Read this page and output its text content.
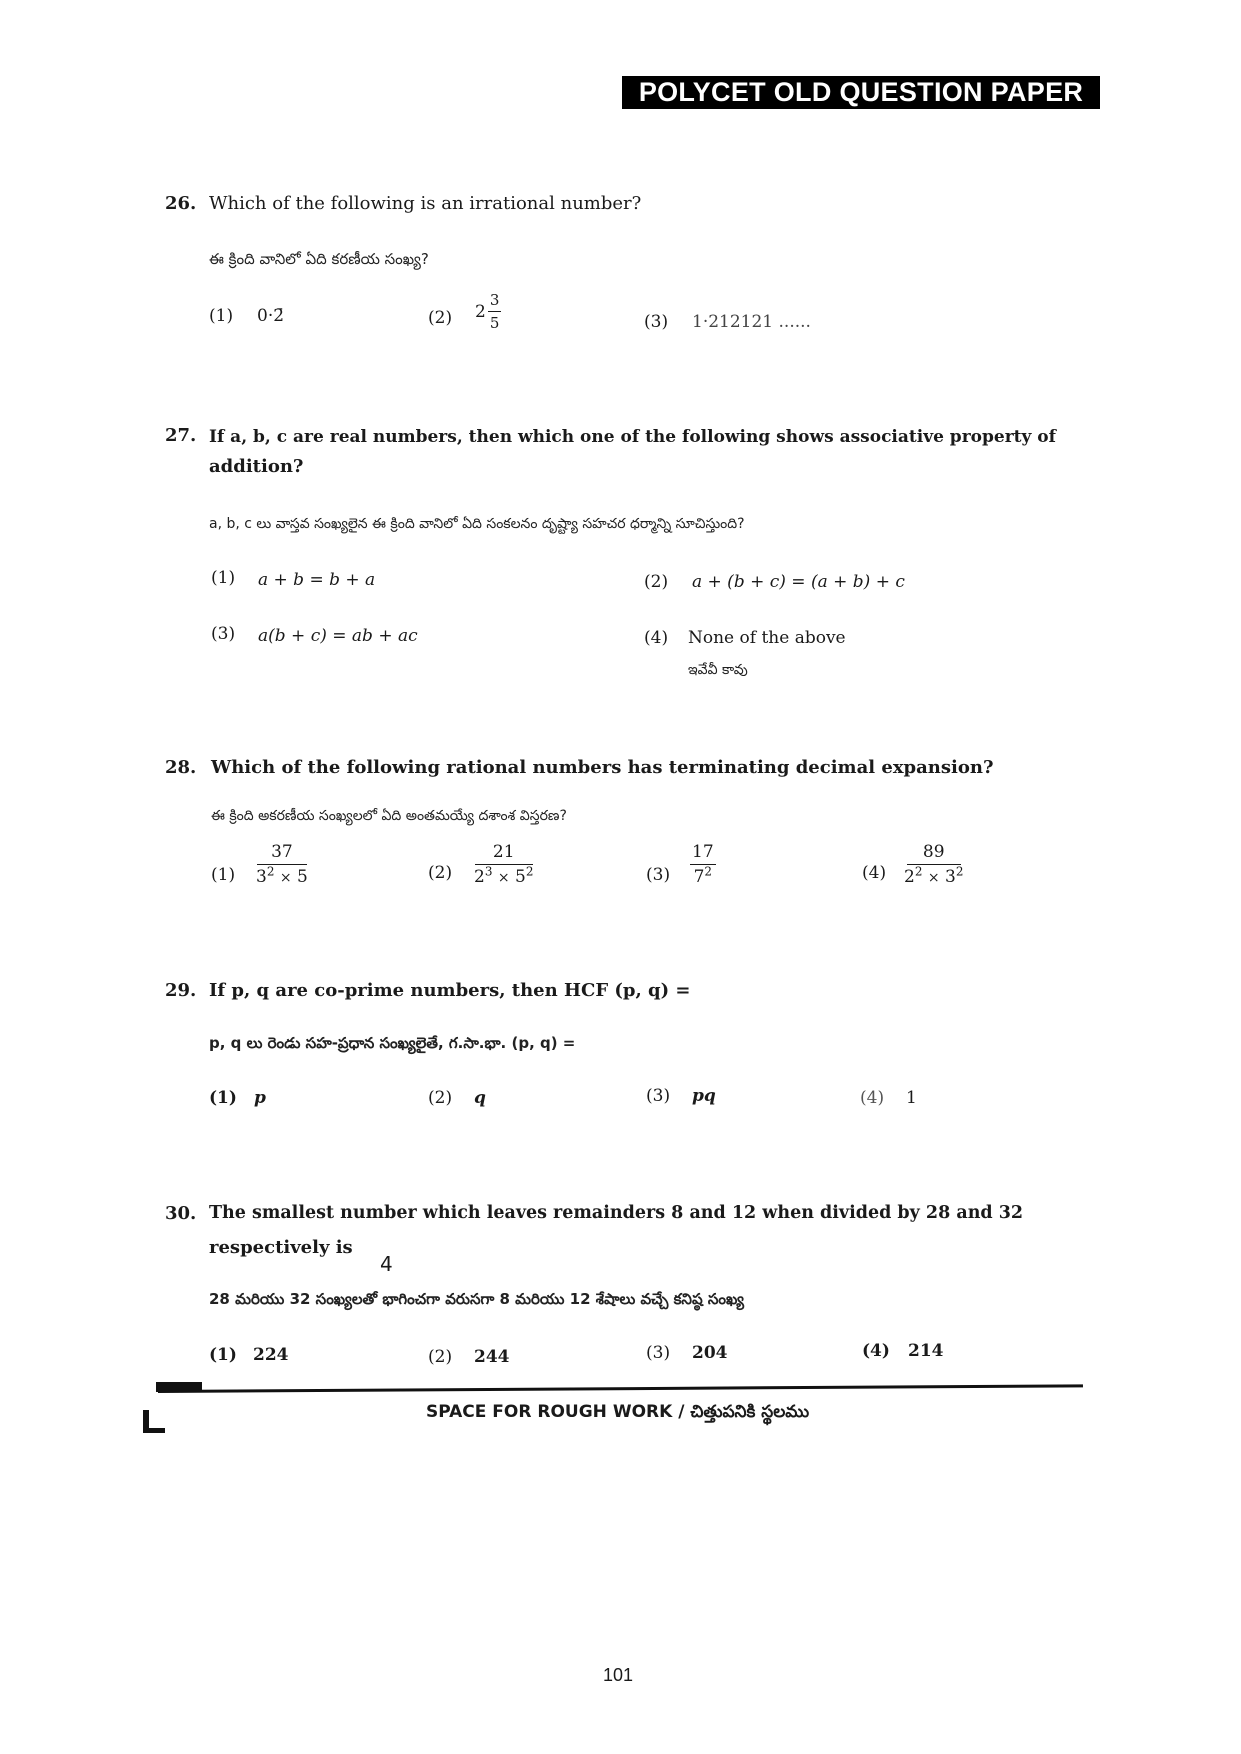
POLYCET OLD QUESTION PAPER
26. Which of the following is an irrational number?
ఈ క్రింది వానిలో ఏది కరణీయ సంఖ్య?
(1) 0·2̄	(2) $2 \frac{3}{5}$	(3) 1·212121 ......
27. If a, b, c are real numbers, then which one of the following shows associative property of
addition?
a, b, c లు వాస్తవ సంఖ్యలైన ఈ క్రింది వానిలో ఏది సంకలనం దృష్ట్యా సహచర ధర్మాన్ని సూచిస్తుంది?
(1) a + b = b + a	(2) a + (b + c) = (a + b) + c
(3) a(b + c) = ab + ac	(4) None of the above
ఇవేవీ కావు
28. Which of the following rational numbers has terminating decimal expansion?
ఈ క్రింది అకరణీయ సంఖ్యలలో ఏది అంతమయ్యే దశాంశ విస్తరణ?
$(1) \frac{37}{3^2 \times 5}$	$(2) \frac{21}{2^3 \times 5^2}$	$(3) \frac{17}{7^2}$	$(4) \frac{89}{2^2 \times 3^2}$
29. If p, q are co-prime numbers, then HCF (p, q) =
p, q లు రెండు సహ-ప్రధాన సంఖ్యలైతే, గ.సా.భా. (p, q) =
(1) p	(2) q	(3) pq	(4) 1
30. The smallest number which leaves remainders 8 and 12 when divided by 28 and 32
respectively is
4
28 మరియు 32 సంఖ్యలతో భాగించగా వరుసగా 8 మరియు 12 శేషాలు వచ్చే కనిష్ఠ సంఖ్య
(1) 224	(2) 244	(3) 204	(4) 214
SPACE FOR ROUGH WORK / చిత్తుపనికి స్థలము
101
